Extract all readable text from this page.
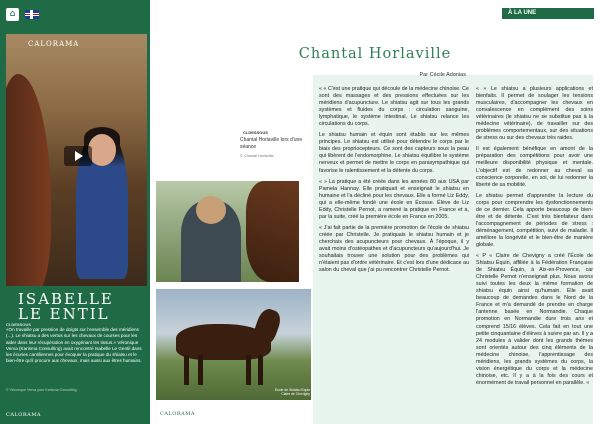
⌂
CALORAMA
ISABELLE
LE ENTIL
CI-DESSOUS
«On travaille par pression de doigts sur l'ensemble des méridiens (...). Le shiatsu a des vertus sur les chevaux de courses pour les aider dans leur récupération en oxygénant les tissus.» Véronique Verva (Karisma Consulting) avait rencontré Isabelle Le Gentil dans les écuries cantiliennes pour évoquer la pratique du shiatsu et le bien-être qu'il procure aux chevaux, mais aussi aux êtres humains.
© Véronique Verva pour Karisma Consulting
CALORAMA
À LA UNE
Chantal Horlaville
Par Cécile Adonias
CI-DESSOUS
Chantal Horlaville lors d'une séance
© Chantal Horlaville
Ecole de Shiatsu Equin Claire de Chevigny

« « C'est une pratique qui découle de la médecine chinoise. Ce sont des massages et des pressions effectuées sur les méridiens d'acupuncture. Le shiatsu agit sur tous les grands systèmes et fluides du corps : circulation sanguine, lymphatique, le système intestinal. Le shiatsu relance les circulations du corps.

Le shiatsu humain et équin sont établis sur les mêmes principes. Le shiatsu est utilisé pour détendre le corps par le biais des propriocepteurs. Ce sont des capteurs sous la peau qui libèrent de l'endomorphine. Le shiatsu équilibre le système nerveux et permet de mettre le corps en parasympathique qui favorise le ralentissement et la détente du corps.

« » La pratique a été créée dans les années 80 aux USA par Pamela Hannay. Elle pratiquait et enseignait le shiatsu en humaine et l'a décliné pour les chevaux. Elle a formé Liz Eddy, qui a elle-même fondé une école en Écosse. Élève de Liz Eddy, Christelle Pernot, a ramené la pratique en France et a, par la suite, créé la première école en France en 2005.

« J'ai fait partie de la première promotion de l'école de shiatsu créée par Christelle. Je pratiquais le shiatsu humain et je cherchais des acupuncteurs pour chevaux. À l'époque, il y avait moins d'ostéopathes et d'acupuncteurs qu'aujourd'hui. Je souhaitais trouver une solution pour des problèmes qui n'étaient pas d'ordre vétérinaire. Et c'est lors d'une dédicace au salon du cheval que j'ai pu rencontrer Christelle Pernot.

« » Le shiatsu a plusieurs applications et bienfaits. Il permet de soulager les tensions musculaires, d'accompagner les chevaux en convalescence en complément des soins vétérinaires (le shiatsu ne se substitue pas à la médecine vétérinaire), de travailler sur des problèmes comportementaux, sur des situations de stress ou sur des chevaux très raides.

Il est également bénéfique en amont de la préparation des compétitions pour avoir une meilleure disponibilité physique et mentale. L'objectif est de redonner au cheval sa conscience corporelle, en soi, de lui redonner la liberté de sa mobilité.

Le shiatsu permet d'apprendre la lecture du corps pour comprendre les dysfonctionnements de ce dernier. Cela apporte beaucoup de bien-être et de détente. C'est très bienfaiteur dans l'accompagnement de périodes de stress : déménagement, compétition, suivi de maladie. Il améliore la longévité et le bien-être de manière globale.

« P « Claire de Chevigny a créé l'École de Shiatsu Équin, affiliée à la Fédération Française de Shiatsu Équin, à Aix-en-Provence, car Christelle Pernot n'enseignait plus. Nous avons suivi toutes les deux la même formation de shiatsu équin ainsi qu'humain. Elle avait beaucoup de demandes dans le Nord de la France et m'a demandé de prendre en charge l'antenne basée en Normandie. Chaque promotion en Normandie dure trois ans et comprend 15/16 élèves. Cela fait en tout une petite cinquantaine d'élèves à suivre par an. Il y a 24 modules à valider dont les grands thèmes sont orientés autour des cinq éléments de la médecine chinoise, l'apprentissage des méridiens, les grands systèmes du corps, la vision énergétique du corps et la médecine chinoise, etc. Il y a à la fois des cours et énormément de travail personnel en parallèle. «

CALORAMA
